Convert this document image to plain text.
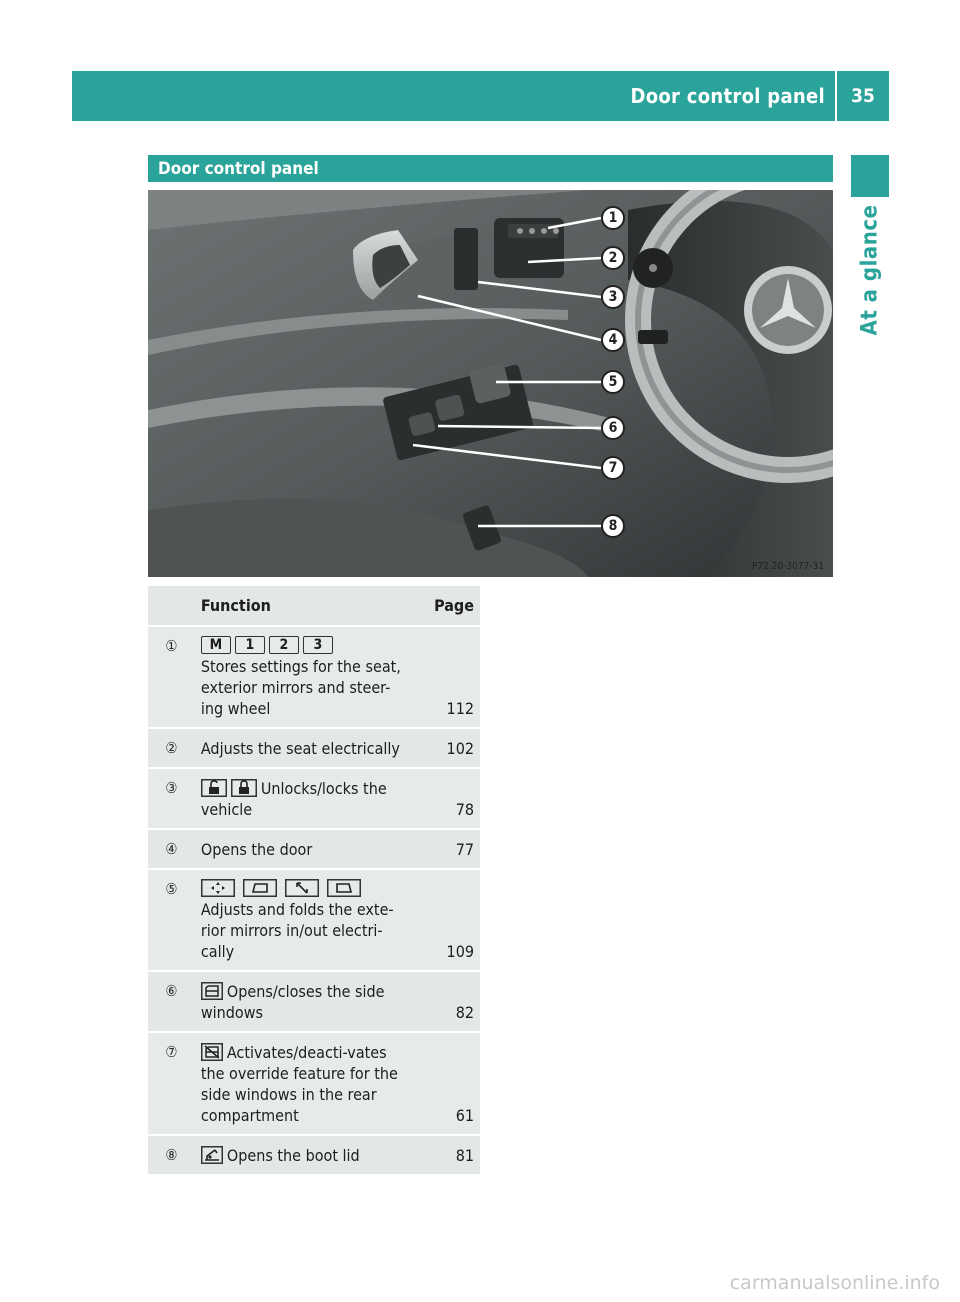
Door control panel	35
At a glance
Door control panel
1
2
3
4
5
6
7
8
P72.20-3077-31
	Function	Page
①	M 1 2 3
Stores settings for the seat, exterior mirrors and steer-ing wheel	112
②	Adjusts the seat electrically	102
③	Unlocks/locks the vehicle	78
④	Opens the door	77
⑤	Adjusts and folds the exte-rior mirrors in/out electri-cally	109
⑥	Opens/closes the side windows	82
⑦	Activates/deacti-vates the override feature for the side windows in the rear compartment	61
⑧	Opens the boot lid	81
carmanualsonline.info
